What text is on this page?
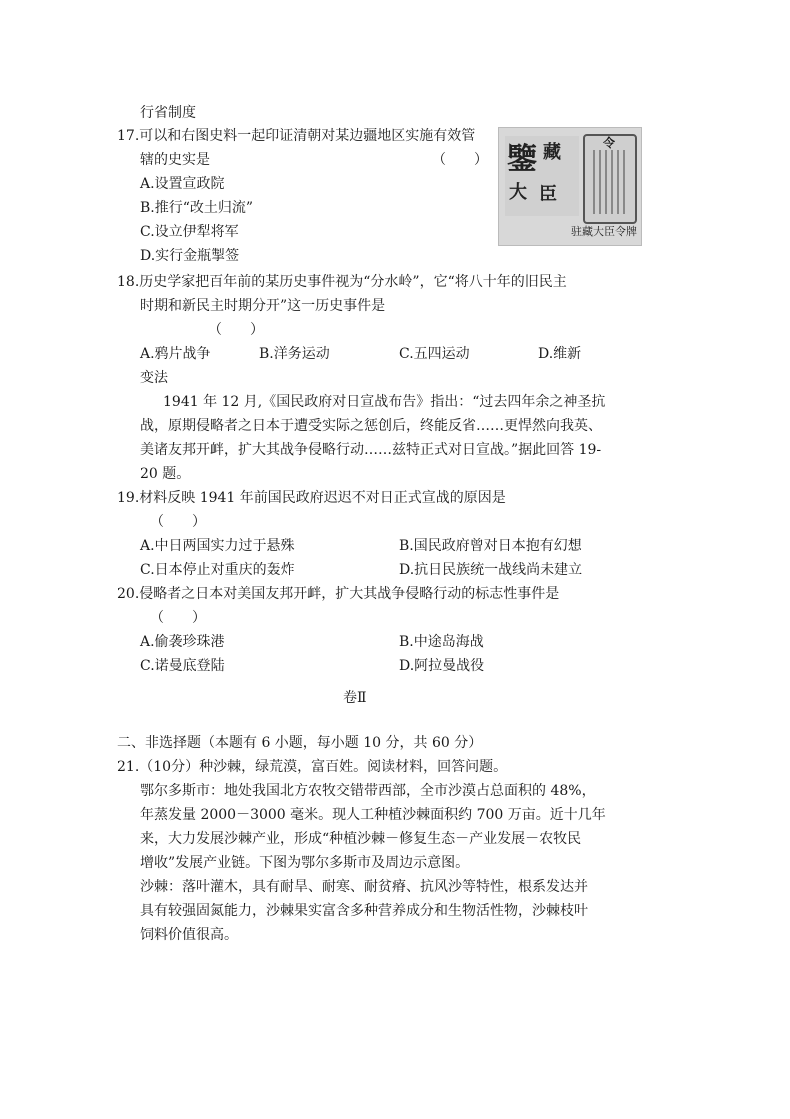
行省制度
17.可以和右图史料一起印证清朝对某边疆地区实施有效管
辖的史实是	（　　）
A.设置宣政院
B.推行“改土归流”
C.设立伊犁将军
D.实行金瓶掣签
鑒 藏
大 臣
令
驻藏大臣令牌
18.历史学家把百年前的某历史事件视为“分水岭”，它“将八十年的旧民主
时期和新民主时期分开”这一历史事件是
（　　）
A.鸦片战争	B.洋务运动	C.五四运动	D.维新
变法
1941 年 12 月,《国民政府对日宣战布告》指出：“过去四年余之神圣抗
战，原期侵略者之日本于遭受实际之惩创后，终能反省……更悍然向我英、
美诸友邦开衅，扩大其战争侵略行动……兹特正式对日宣战。”据此回答 19-
20 题。
19.材料反映 1941 年前国民政府迟迟不对日正式宣战的原因是
（　　）
A.中日两国实力过于悬殊	B.国民政府曾对日本抱有幻想
C.日本停止对重庆的轰炸	D.抗日民族统一战线尚未建立
20.侵略者之日本对美国友邦开衅，扩大其战争侵略行动的标志性事件是
（　　）
A.偷袭珍珠港	B.中途岛海战
C.诺曼底登陆	D.阿拉曼战役
卷Ⅱ
二、非选择题（本题有 6 小题，每小题 10 分，共 60 分）
21.（10分）种沙棘，绿荒漠，富百姓。阅读材料，回答问题。
鄂尔多斯市：地处我国北方农牧交错带西部，全市沙漠占总面积的 48%，
年蒸发量 2000－3000 毫米。现人工种植沙棘面积约 700 万亩。近十几年
来，大力发展沙棘产业，形成“种植沙棘－修复生态－产业发展－农牧民
增收”发展产业链。下图为鄂尔多斯市及周边示意图。
沙棘：落叶灌木，具有耐旱、耐寒、耐贫瘠、抗风沙等特性，根系发达并
具有较强固氮能力，沙棘果实富含多种营养成分和生物活性物，沙棘枝叶
饲料价值很高。
